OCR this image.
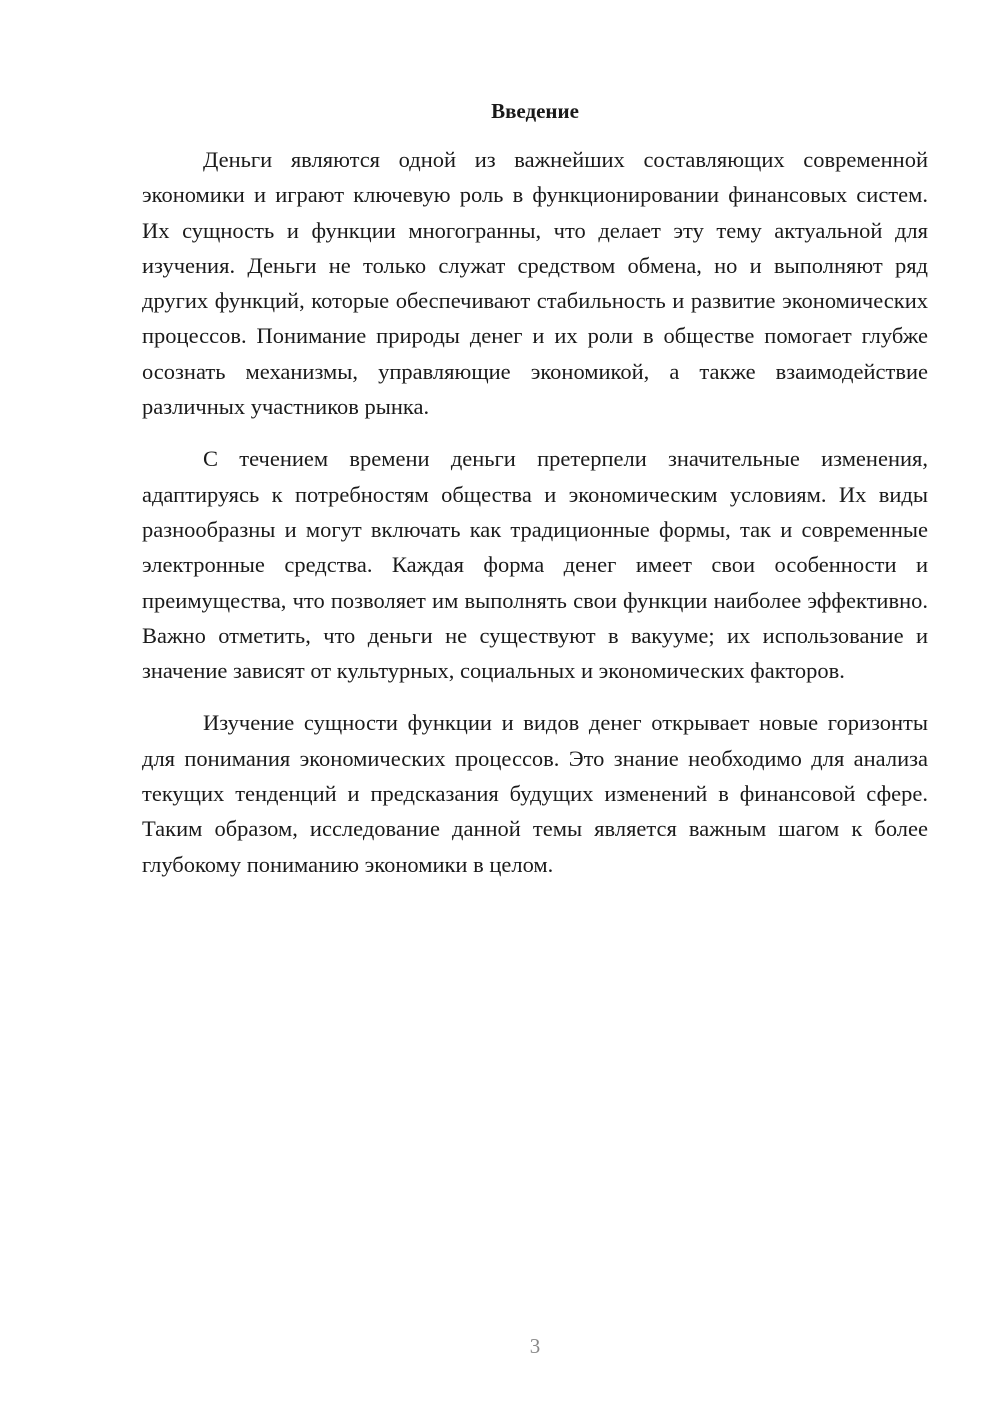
Введение

Деньги являются одной из важнейших составляющих современной экономики и играют ключевую роль в функционировании финансовых систем. Их сущность и функции многогранны, что делает эту тему актуальной для изучения. Деньги не только служат средством обмена, но и выполняют ряд других функций, которые обеспечивают стабильность и развитие экономических процессов. Понимание природы денег и их роли в обществе помогает глубже осознать механизмы, управляющие экономикой, а также взаимодействие различных участников рынка.

С течением времени деньги претерпели значительные изменения, адаптируясь к потребностям общества и экономическим условиям. Их виды разнообразны и могут включать как традиционные формы, так и современные электронные средства. Каждая форма денег имеет свои особенности и преимущества, что позволяет им выполнять свои функции наиболее эффективно. Важно отметить, что деньги не существуют в вакууме; их использование и значение зависят от культурных, социальных и экономических факторов.

Изучение сущности функции и видов денег открывает новые горизонты для понимания экономических процессов. Это знание необходимо для анализа текущих тенденций и предсказания будущих изменений в финансовой сфере. Таким образом, исследование данной темы является важным шагом к более глубокому пониманию экономики в целом.

3
